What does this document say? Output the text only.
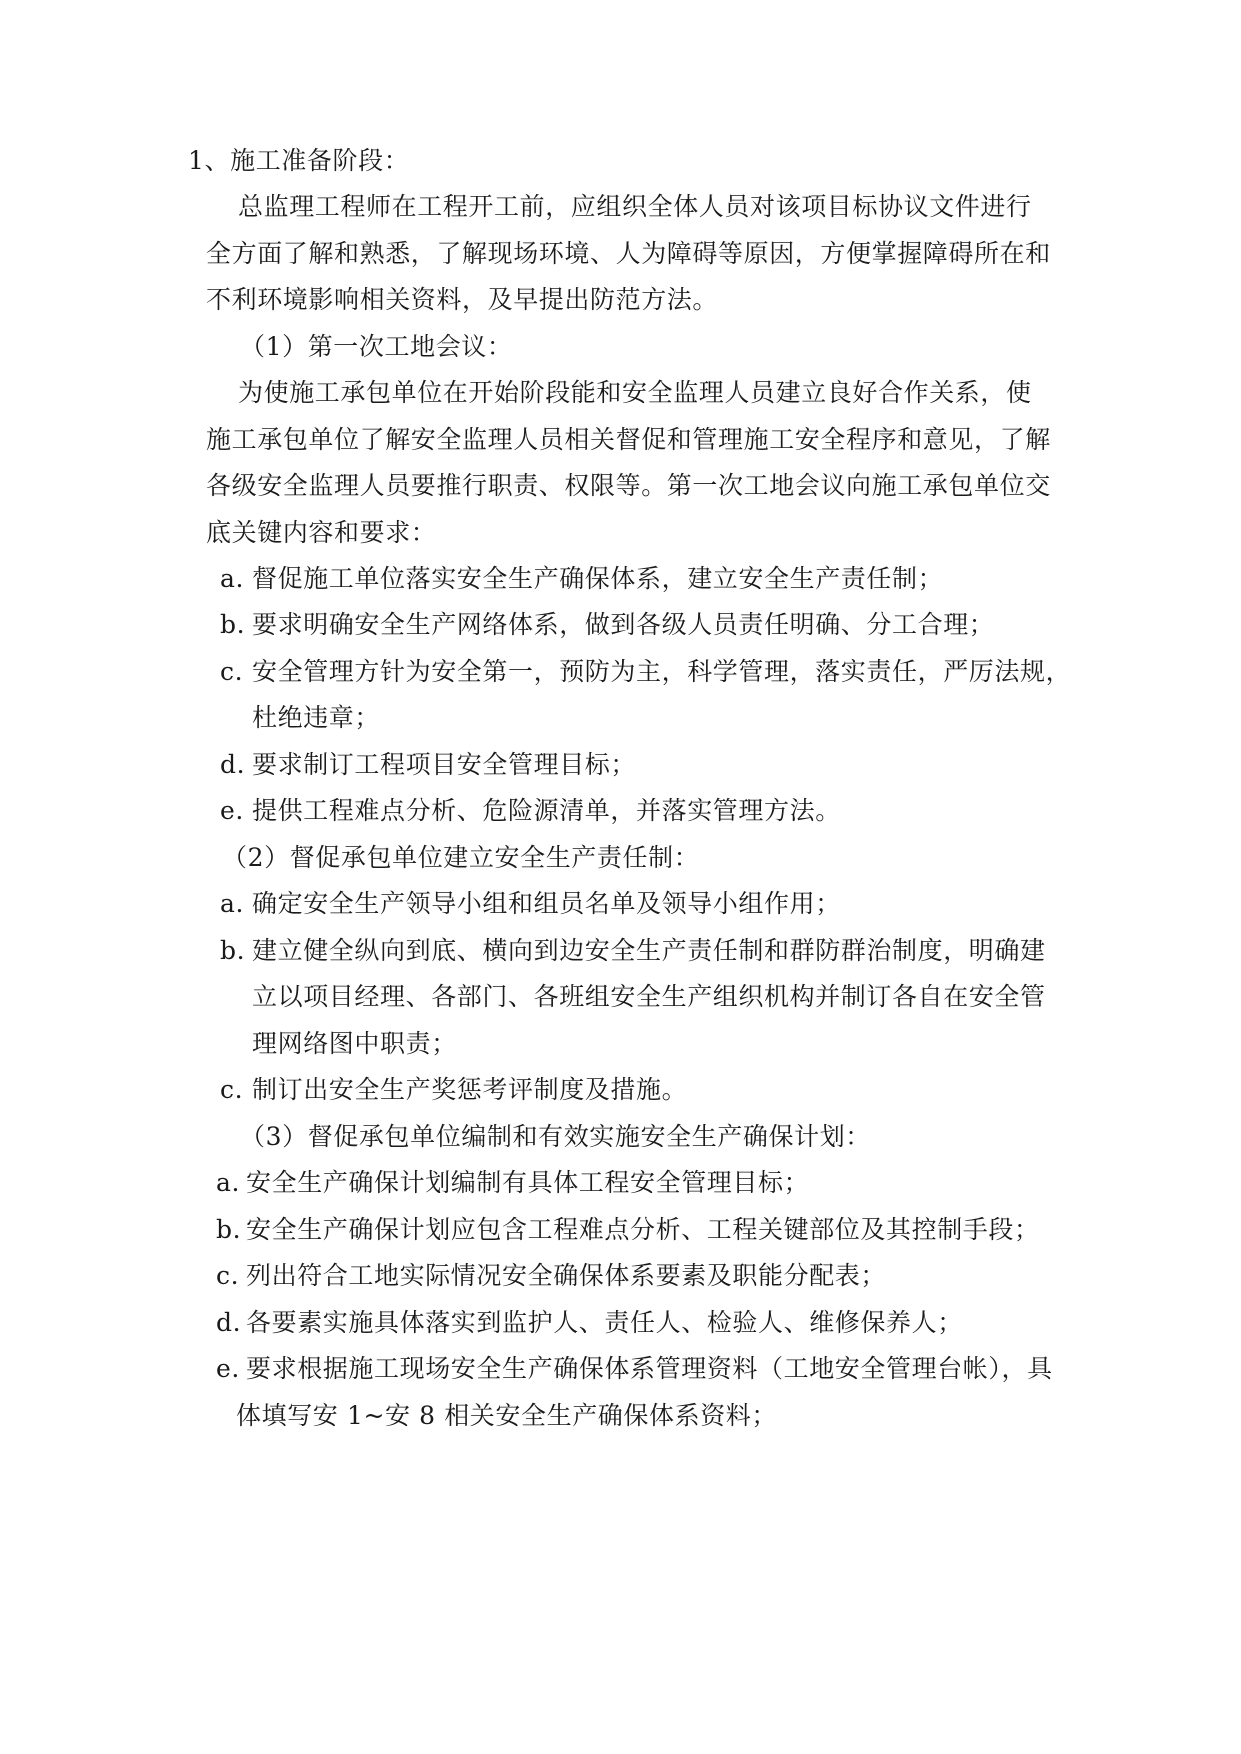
1、施工准备阶段：
总监理工程师在工程开工前，应组织全体人员对该项目标协议文件进行
全方面了解和熟悉，了解现场环境、人为障碍等原因，方便掌握障碍所在和
不利环境影响相关资料，及早提出防范方法。
（1）第一次工地会议：
为使施工承包单位在开始阶段能和安全监理人员建立良好合作关系，使
施工承包单位了解安全监理人员相关督促和管理施工安全程序和意见，了解
各级安全监理人员要推行职责、权限等。第一次工地会议向施工承包单位交
底关键内容和要求：
a. 督促施工单位落实安全生产确保体系，建立安全生产责任制；
b. 要求明确安全生产网络体系，做到各级人员责任明确、分工合理；
c. 安全管理方针为安全第一，预防为主，科学管理，落实责任，严厉法规，
杜绝违章；
d. 要求制订工程项目安全管理目标；
e. 提供工程难点分析、危险源清单，并落实管理方法。
（2）督促承包单位建立安全生产责任制：
a. 确定安全生产领导小组和组员名单及领导小组作用；
b. 建立健全纵向到底、横向到边安全生产责任制和群防群治制度，明确建
立以项目经理、各部门、各班组安全生产组织机构并制订各自在安全管
理网络图中职责；
c. 制订出安全生产奖惩考评制度及措施。
（3）督促承包单位编制和有效实施安全生产确保计划：
a. 安全生产确保计划编制有具体工程安全管理目标；
b. 安全生产确保计划应包含工程难点分析、工程关键部位及其控制手段；
c. 列出符合工地实际情况安全确保体系要素及职能分配表；
d. 各要素实施具体落实到监护人、责任人、检验人、维修保养人；
e. 要求根据施工现场安全生产确保体系管理资料（工地安全管理台帐），具
体填写安 1~安 8 相关安全生产确保体系资料；
